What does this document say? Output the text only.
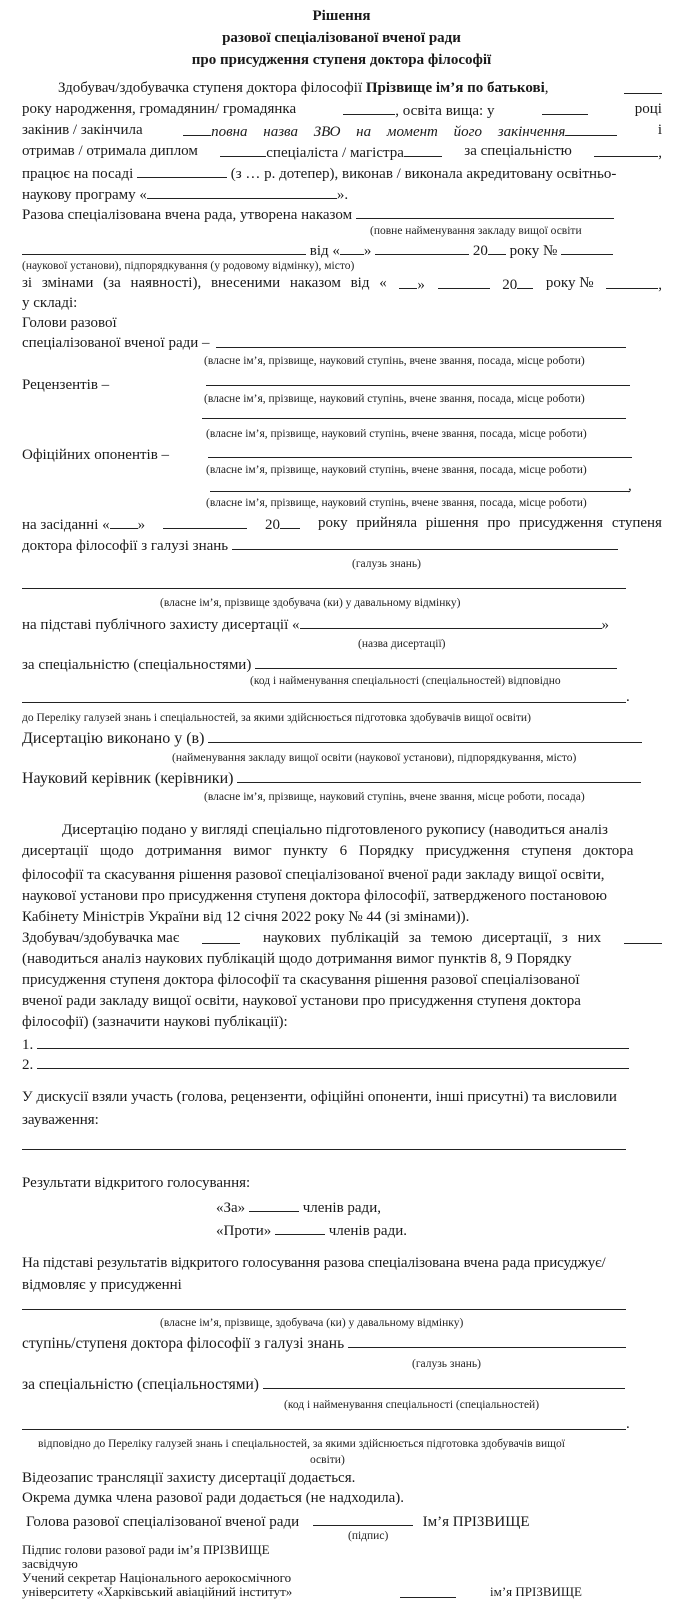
Рішення
разової спеціалізованої вченої ради
про присудження ступеня доктора філософії
Здобувач/здобувачка ступеня доктора філософії Прізвище ім’я по батькові,
року народження, громадянин/ громадянка	, освіта вища: у	році
закінив / закінчила	повна назва ЗВО на момент його закінчення	і
отримав / отримала диплом	спеціаліста / магістра	за спеціальністю	,
працює на посаді	(з … р. дотепер), виконав / виконала акредитовану освітньо-
наукову програму «	».
Разова спеціалізована вчена рада, утворена наказом
(повне найменування закладу вищої освіти
від « »	20 року №
(наукової установи), підпорядкування (у родовому відмінку), місто)
зі змінами (за наявності), внесеними наказом від «	»	20	року №	,
у складі:
Голови разової
спеціалізованої вченої ради –
(власне ім’я, прізвище, науковий ступінь, вчене звання, посада, місце роботи)
Рецензентів –
(власне ім’я, прізвище, науковий ступінь, вчене звання, посада, місце роботи)
(власне ім’я, прізвище, науковий ступінь, вчене звання, посада, місце роботи)
Офіційних опонентів –
(власне ім’я, прізвище, науковий ступінь, вчене звання, посада, місце роботи)
,
(власне ім’я, прізвище, науковий ступінь, вчене звання, посада, місце роботи)
на засіданні « »	20	року прийняла рішення про присудження ступеня
доктора філософії з галузі знань
(галузь знань)
(власне ім’я, прізвище здобувача (ки) у давальному відмінку)
на підставі публічного захисту дисертації «	»
(назва дисертації)
за спеціальністю (спеціальностями)
(код і найменування спеціальності (спеціальностей) відповідно
.
до Переліку галузей знань і спеціальностей, за якими здійснюється підготовка здобувачів вищої освіти)
Дисертацію виконано у (в)
(найменування закладу вищої освіти (наукової установи), підпорядкування, місто)
Науковий керівник (керівники)
(власне ім’я, прізвище, науковий ступінь, вчене звання, місце роботи, посада)
Дисертацію подано у вигляді спеціально підготовленого рукопису (наводиться аналіз
дисертації щодо дотримання вимог пункту 6 Порядку присудження ступеня доктора
філософії та скасування рішення разової спеціалізованої вченої ради закладу вищої освіти,
наукової установи про присудження ступеня доктора філософії, затвердженого постановою
Кабінету Міністрів України від 12 січня 2022 року № 44 (зі змінами)).
Здобувач/здобувачка має	наукових публікацій за темою дисертації, з них
(наводиться аналіз наукових публікацій щодо дотримання вимог пунктів 8, 9 Порядку
присудження ступеня доктора філософії та скасування рішення разової спеціалізованої
вченої ради закладу вищої освіти, наукової установи про присудження ступеня доктора
філософії) (зазначити наукові публікації):
1.
2.
У дискусії взяли участь (голова, рецензенти, офіційні опоненти, інші присутні) та висловили
зауваження:
Результати відкритого голосування:
«За»	членів ради,
«Проти»	членів ради.
На підставі результатів відкритого голосування разова спеціалізована вчена рада присуджує/
відмовляє у присудженні
(власне ім’я, прізвище, здобувача (ки) у давальному відмінку)
ступінь/ступеня доктора філософії з галузі знань
(галузь знань)
за спеціальністю (спеціальностями)
(код і найменування спеціальності (спеціальностей)
.
відповідно до Переліку галузей знань і спеціальностей, за якими здійснюється підготовка здобувачів вищої
освіти)
Відеозапис трансляції захисту дисертації додається.
Окрема думка члена разової ради додається (не надходила).
Голова разової спеціалізованої вченої ради	Ім’я ПРІЗВИЩЕ
(підпис)
Підпис голови разової ради ім’я ПРІЗВИЩЕ
засвідчую
Учений секретар Національного аерокосмічного
університету «Харківський авіаційний інститут»	ім’я ПРІЗВИЩЕ
